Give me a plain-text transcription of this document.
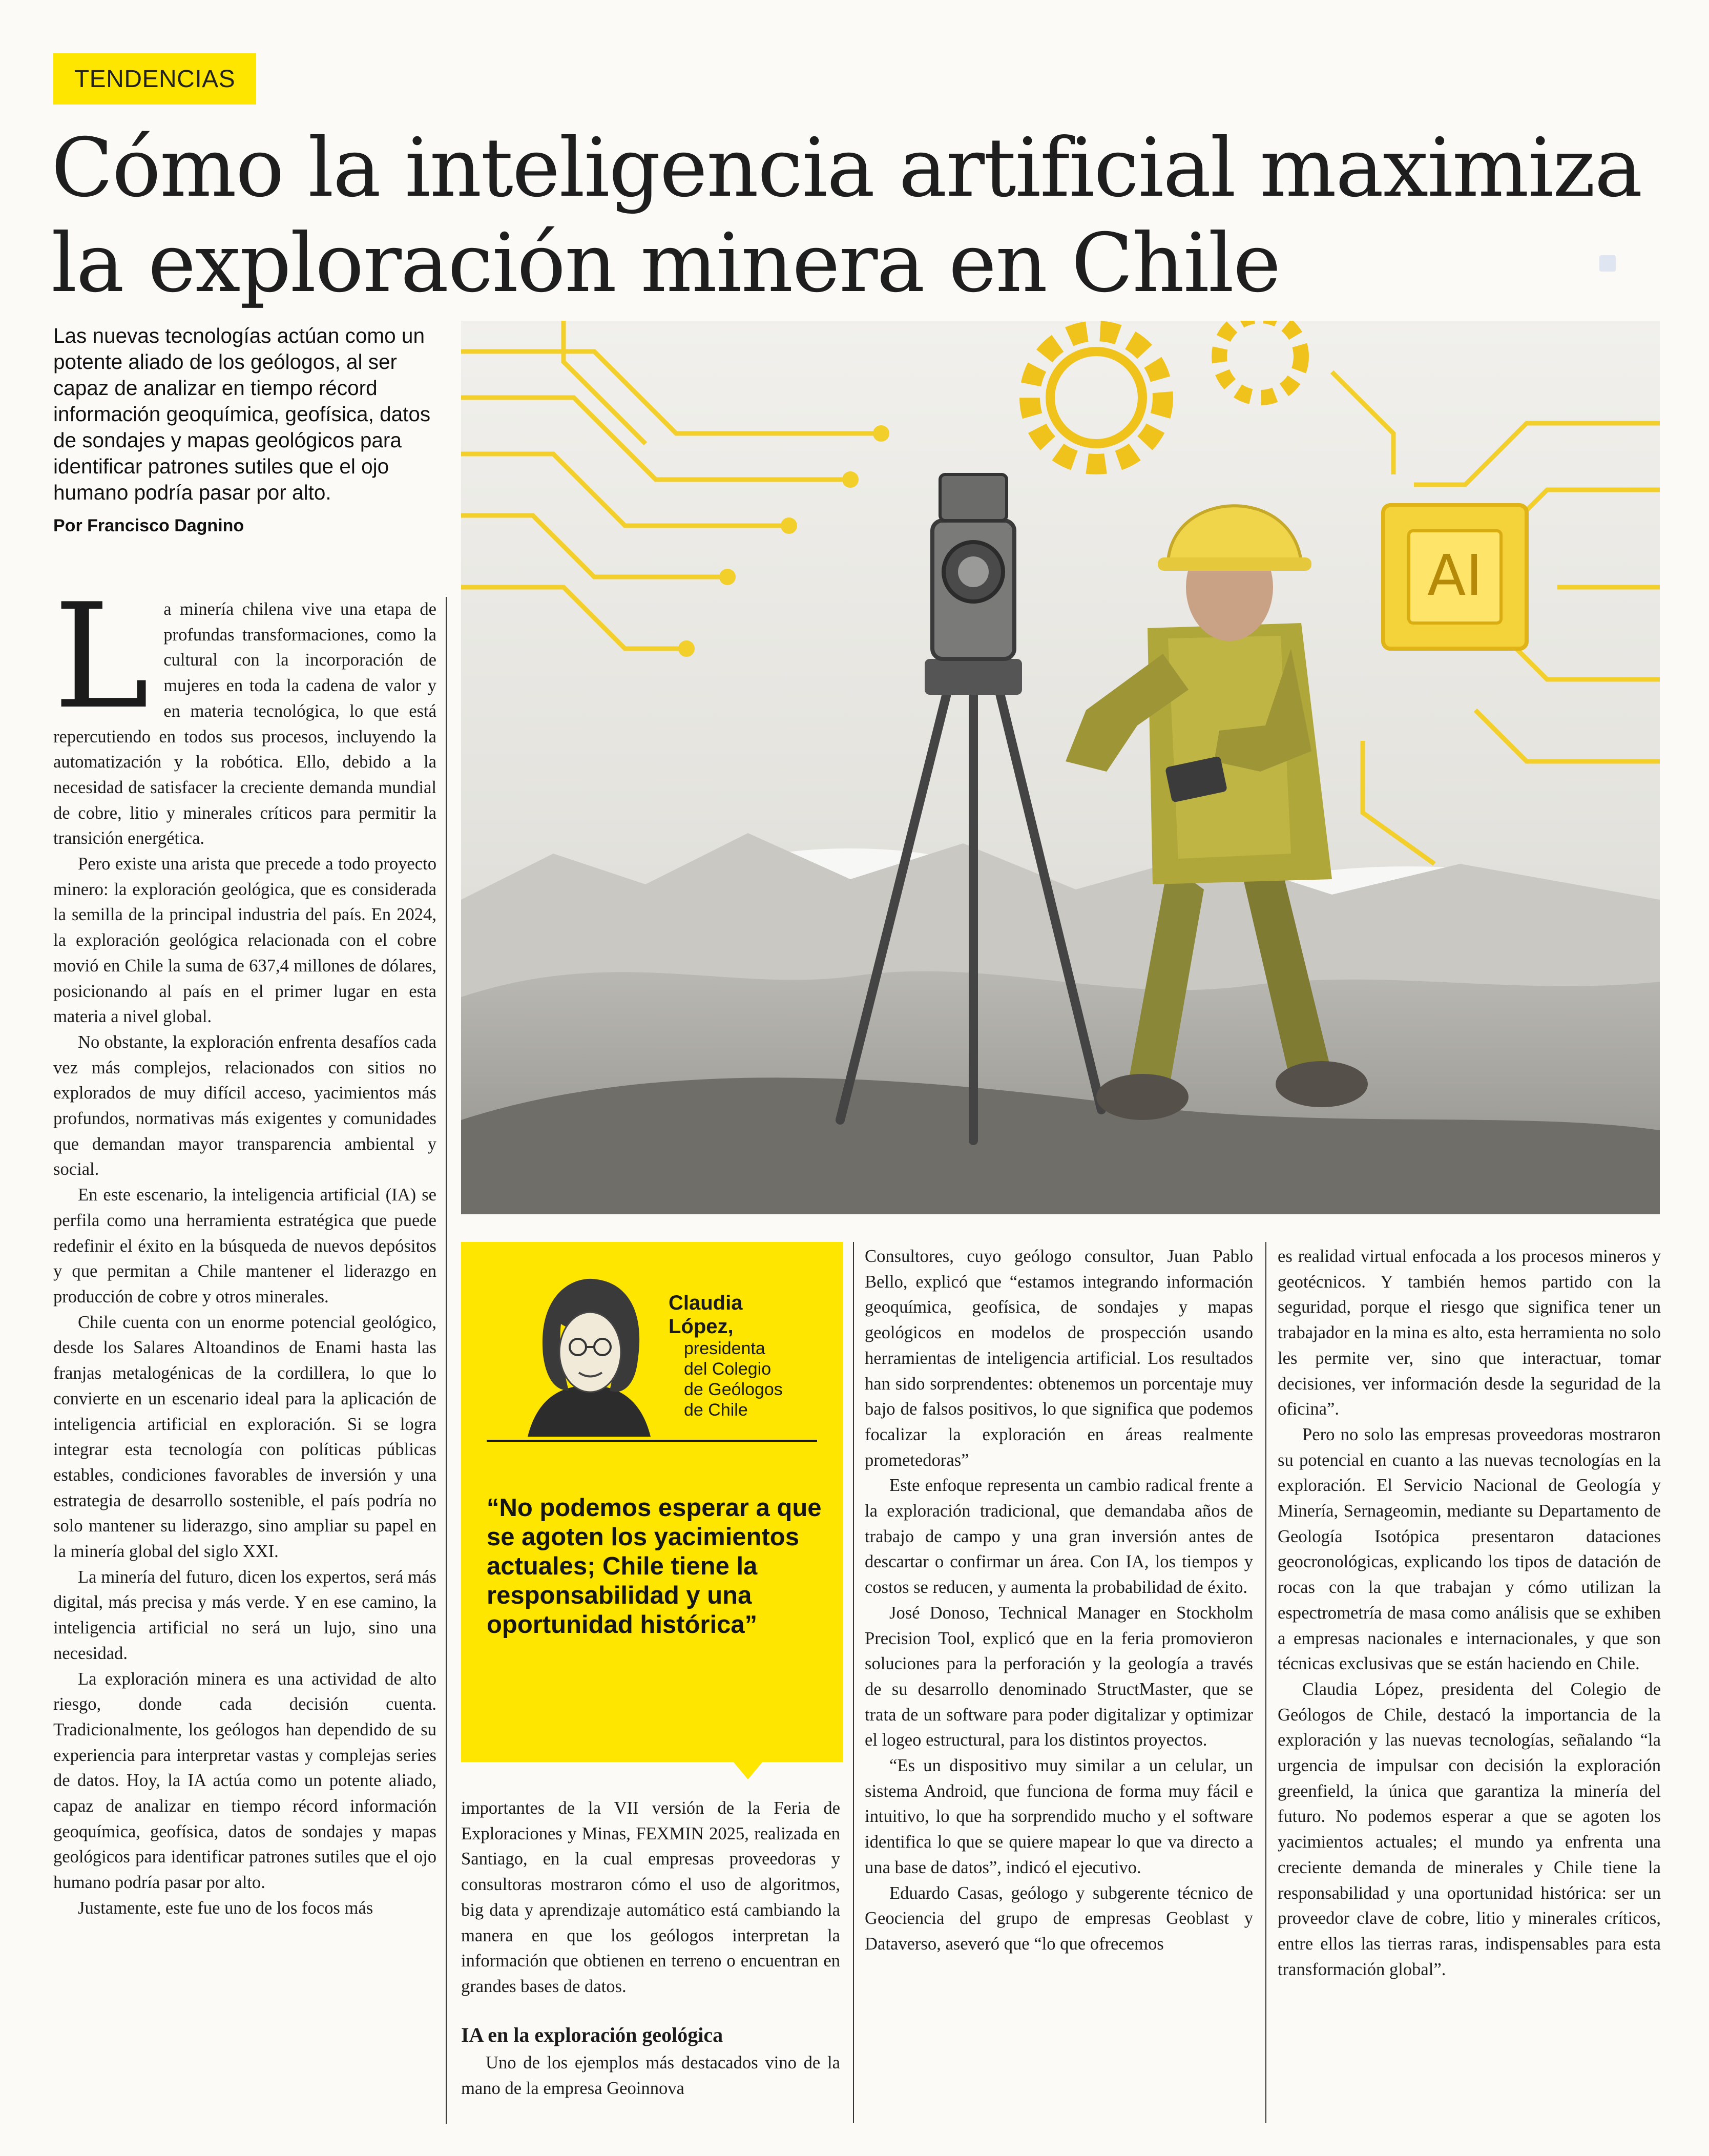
TENDENCIAS
Cómo la inteligencia artificial maximiza la exploración minera en Chile

Las nuevas tecnologías actúan como un potente aliado de los geólogos, al ser capaz de analizar en tiempo récord información geoquímica, geofísica, datos de sondajes y mapas geológicos para identificar patrones sutiles que el ojo humano podría pasar por alto.

Por Francisco Dagnino
AI
L a minería chilena vive una etapa de profundas transformaciones, como la cultural con la incorporación de mujeres en toda la cadena de valor y en materia tecnológica, lo que está repercutiendo en todos sus procesos, incluyendo la automatización y la robótica. Ello, debido a la necesidad de satisfacer la creciente demanda mundial de cobre, litio y minerales críticos para permitir la transición energética.

Pero existe una arista que precede a todo proyecto minero: la exploración geológica, que es considerada la semilla de la principal industria del país. En 2024, la exploración geológica relacionada con el cobre movió en Chile la suma de 637,4 millones de dólares, posicionando al país en el primer lugar en esta materia a nivel global.

No obstante, la exploración enfrenta desafíos cada vez más complejos, relacionados con sitios no explorados de muy difícil acceso, yacimientos más profundos, normativas más exigentes y comunidades que demandan mayor transparencia ambiental y social.

En este escenario, la inteligencia artificial (IA) se perfila como una herramienta estratégica que puede redefinir el éxito en la búsqueda de nuevos depósitos y que permitan a Chile mantener el liderazgo en producción de cobre y otros minerales.

Chile cuenta con un enorme potencial geológico, desde los Salares Altoandinos de Enami hasta las franjas metalogénicas de la cordillera, lo que lo convierte en un escenario ideal para la aplicación de inteligencia artificial en exploración. Si se logra integrar esta tecnología con políticas públicas estables, condiciones favorables de inversión y una estrategia de desarrollo sostenible, el país podría no solo mantener su liderazgo, sino ampliar su papel en la minería global del siglo XXI.

La minería del futuro, dicen los expertos, será más digital, más precisa y más verde. Y en ese camino, la inteligencia artificial no será un lujo, sino una necesidad.

La exploración minera es una actividad de alto riesgo, donde cada decisión cuenta. Tradicionalmente, los geólogos han dependido de su experiencia para interpretar vastas y complejas series de datos. Hoy, la IA actúa como un potente aliado, capaz de analizar en tiempo récord información geoquímica, geofísica, datos de sondajes y mapas geológicos para identificar patrones sutiles que el ojo humano podría pasar por alto.

Justamente, este fue uno de los focos más

Claudia
López,
presidenta
del Colegio
de Geólogos
de Chile

“No podemos esperar a que se agoten los yacimientos actuales; Chile tiene la responsabilidad y una oportunidad histórica”

importantes de la VII versión de la Feria de Exploraciones y Minas, FEXMIN 2025, realizada en Santiago, en la cual empresas proveedoras y consultoras mostraron cómo el uso de algoritmos, big data y aprendizaje automático está cambiando la manera en que los geólogos interpretan la información que obtienen en terreno o encuentran en grandes bases de datos.

IA en la exploración geológica

Uno de los ejemplos más destacados vino de la mano de la empresa Geoinnova

Consultores, cuyo geólogo consultor, Juan Pablo Bello, explicó que “estamos integrando información geoquímica, geofísica, de sondajes y mapas geológicos en modelos de prospección usando herramientas de inteligencia artificial. Los resultados han sido sorprendentes: obtenemos un porcentaje muy bajo de falsos positivos, lo que significa que podemos focalizar la exploración en áreas realmente prometedoras”

Este enfoque representa un cambio radical frente a la exploración tradicional, que demandaba años de trabajo de campo y una gran inversión antes de descartar o confirmar un área. Con IA, los tiempos y costos se reducen, y aumenta la probabilidad de éxito.

José Donoso, Technical Manager en Stockholm Precision Tool, explicó que en la feria promovieron soluciones para la perforación y la geología a través de su desarrollo denominado StructMaster, que se trata de un software para poder digitalizar y optimizar el logeo estructural, para los distintos proyectos.

“Es un dispositivo muy similar a un celular, un sistema Android, que funciona de forma muy fácil e intuitivo, lo que ha sorprendido mucho y el software identifica lo que se quiere mapear lo que va directo a una base de datos”, indicó el ejecutivo.

Eduardo Casas, geólogo y subgerente técnico de Geociencia del grupo de empresas Geoblast y Dataverso, aseveró que “lo que ofrecemos

es realidad virtual enfocada a los procesos mineros y geotécnicos. Y también hemos partido con la seguridad, porque el riesgo que significa tener un trabajador en la mina es alto, esta herramienta no solo les permite ver, sino que interactuar, tomar decisiones, ver información desde la seguridad de la oficina”.

Pero no solo las empresas proveedoras mostraron su potencial en cuanto a las nuevas tecnologías en la exploración. El Servicio Nacional de Geología y Minería, Sernageomin, mediante su Departamento de Geología Isotópica presentaron dataciones geocronológicas, explicando los tipos de datación de rocas con la que trabajan y cómo utilizan la espectrometría de masa como análisis que se exhiben a empresas nacionales e internacionales, y que son técnicas exclusivas que se están haciendo en Chile.

Claudia López, presidenta del Colegio de Geólogos de Chile, destacó la importancia de la exploración y las nuevas tecnologías, señalando “la urgencia de impulsar con decisión la exploración greenfield, la única que garantiza la minería del futuro. No podemos esperar a que se agoten los yacimientos actuales; el mundo ya enfrenta una creciente demanda de minerales y Chile tiene la responsabilidad y una oportunidad histórica: ser un proveedor clave de cobre, litio y minerales críticos, entre ellos las tierras raras, indispensables para esta transformación global”.
